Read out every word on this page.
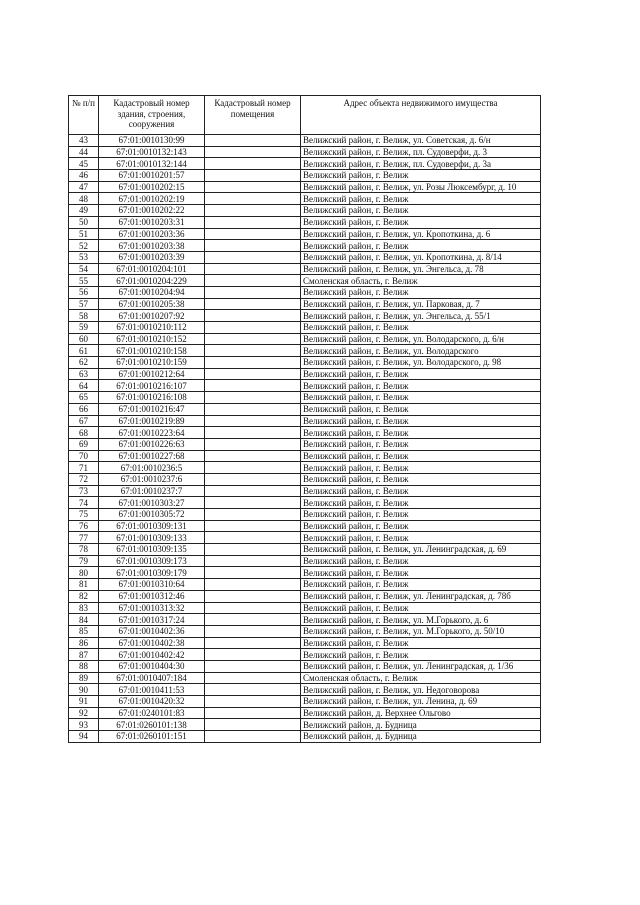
№ п/п	Кадастровый номер здания, строения, сооружения	Кадастровый номер помещения	Адрес объекта недвижимого имущества
43	67:01:0010130:99		Велижский район, г. Велиж, ул. Советская, д. 6/н
44	67:01:0010132:143		Велижский район, г. Велиж, пл. Судоверфи, д. 3
45	67:01:0010132:144		Велижский район, г. Велиж, пл. Судоверфи, д. 3а
46	67:01:0010201:57		Велижский район, г. Велиж
47	67:01:0010202:15		Велижский район, г. Велиж, ул. Розы Люксембург, д. 10
48	67:01:0010202:19		Велижский район, г. Велиж
49	67:01:0010202:22		Велижский район, г. Велиж
50	67:01:0010203:31		Велижский район, г. Велиж
51	67:01:0010203:36		Велижский район, г. Велиж, ул. Кропоткина, д. 6
52	67:01:0010203:38		Велижский район, г. Велиж
53	67:01:0010203:39		Велижский район, г. Велиж, ул. Кропоткина, д. 8/14
54	67:01:0010204:101		Велижский район, г. Велиж, ул. Энгельса, д. 78
55	67:01:0010204:229		Смоленская область, г. Велиж
56	67:01:0010204:94		Велижский район, г. Велиж
57	67:01:0010205:38		Велижский район, г. Велиж, ул. Парковая, д. 7
58	67:01:0010207:92		Велижский район, г. Велиж, ул. Энгельса, д. 55/1
59	67:01:0010210:112		Велижский район, г. Велиж
60	67:01:0010210:152		Велижский район, г. Велиж, ул. Володарского, д. 6/н
61	67:01:0010210:158		Велижский район, г. Велиж, ул. Володарского
62	67:01:0010210:159		Велижский район, г. Велиж, ул. Володарского, д. 98
63	67:01:0010212:64		Велижский район, г. Велиж
64	67:01:0010216:107		Велижский район, г. Велиж
65	67:01:0010216:108		Велижский район, г. Велиж
66	67:01:0010216:47		Велижский район, г. Велиж
67	67:01:0010219:89		Велижский район, г. Велиж
68	67:01:0010223:64		Велижский район, г. Велиж
69	67:01:0010226:63		Велижский район, г. Велиж
70	67:01:0010227:68		Велижский район, г. Велиж
71	67:01:0010236:5		Велижский район, г. Велиж
72	67:01:0010237:6		Велижский район, г. Велиж
73	67:01:0010237:7		Велижский район, г. Велиж
74	67:01:0010303:27		Велижский район, г. Велиж
75	67:01:0010305:72		Велижский район, г. Велиж
76	67:01:0010309:131		Велижский район, г. Велиж
77	67:01:0010309:133		Велижский район, г. Велиж
78	67:01:0010309:135		Велижский район, г. Велиж, ул. Ленинградская, д. 69
79	67:01:0010309:173		Велижский район, г. Велиж
80	67:01:0010309:179		Велижский район, г. Велиж
81	67:01:0010310:64		Велижский район, г. Велиж
82	67:01:0010312:46		Велижский район, г. Велиж, ул. Ленинградская, д. 78б
83	67:01:0010313:32		Велижский район, г. Велиж
84	67:01:0010317:24		Велижский район, г. Велиж, ул. М.Горького, д. 6
85	67:01:0010402:36		Велижский район, г. Велиж, ул. М.Горького, д. 50/10
86	67:01:0010402:38		Велижский район, г. Велиж
87	67:01:0010402:42		Велижский район, г. Велиж
88	67:01:0010404:30		Велижский район, г. Велиж, ул. Ленинградская, д. 1/36
89	67:01:0010407:184		Смоленская область, г. Велиж
90	67:01:0010411:53		Велижский район, г. Велиж, ул. Недоговорова
91	67:01:0010420:32		Велижский район, г. Велиж, ул. Ленина, д. 69
92	67:01:0240101:83		Велижский район, д. Верхнее Ольгово
93	67:01:0260101:138		Велижский район, д. Будница
94	67:01:0260101:151		Велижский район, д. Будница
